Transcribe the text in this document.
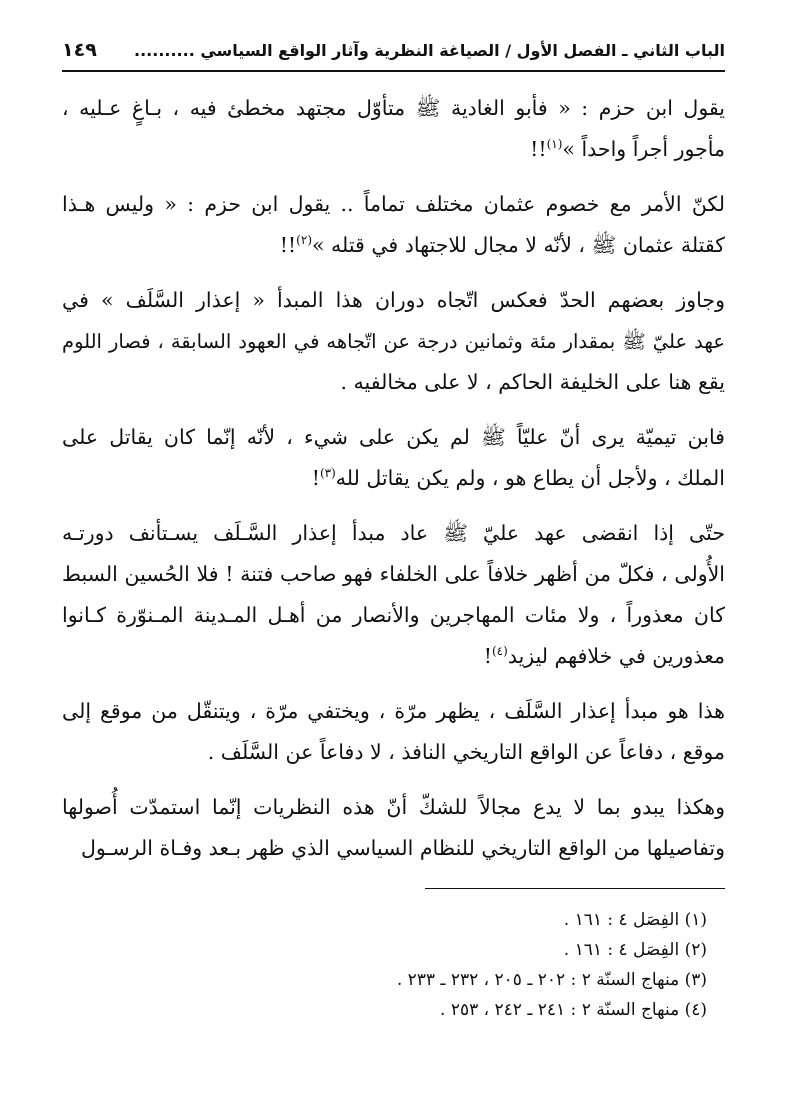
الباب الثاني ـ الفصل الأول / الصياغة النظرية وآثار الواقع السياسي ..........
١٤٩
يقول ابن حزم : « فأبو الغادية ﷺ متأوّل مجتهد مخطئ فيه ، بـاغٍ عـليه ،
مأجور أجراً واحداً »$^{(١)}$!!
لكنّ الأمر مع خصوم عثمان مختلف تماماً .. يقول ابن حزم : « وليس هـذا
كقتلة عثمان ﷺ ، لأنّه لا مجال للاجتهاد في قتله »$^{(٢)}$!!
وجاوز بعضهم الحدّ فعكس اتّجاه دوران هذا المبدأ « إعذار السَّلَف » في
عهد عليّ ﷺ بمقدار مئة وثمانين درجة عن اتّجاهه في العهود السابقة ، فصار اللوم
يقع هنا على الخليفة الحاكم ، لا على مخالفيه .
فابن تيميّة يرى أنّ عليّاً ﷺ لم يكن على شيء ، لأنّه إنّما كان يقاتل على
الملك ، ولأجل أن يطاع هو ، ولم يكن يقاتل لله$^{(٣)}$!
حتّى إذا انقضى عهد عليّ ﷺ عاد مبدأ إعذار السَّـلَف يسـتأنف دورتـه
الأُولى ، فكلّ من أظهر خلافاً على الخلفاء فهو صاحب فتنة ! فلا الحُسين السبط
كان معذوراً ، ولا مئات المهاجرين والأنصار من أهـل المـدينة المـنوّرة كـانوا
معذورين في خلافهم ليزيد$^{(٤)}$!
هذا هو مبدأ إعذار السَّلَف ، يظهر مرّة ، ويختفي مرّة ، ويتنقّل من موقع إلى
موقع ، دفاعاً عن الواقع التاريخي النافذ ، لا دفاعاً عن السَّلَف .
وهكذا يبدو بما لا يدع مجالاً للشكّ أنّ هذه النظريات إنّما استمدّت أُصولها
وتفاصيلها من الواقع التاريخي للنظام السياسي الذي ظهر بـعد وفـاة الرسـول
(١) الفِصَل ٤ : ١٦١ .
(٢) الفِصَل ٤ : ١٦١ .
(٣) منهاج السنّة ٢ : ٢٠٢ ـ ٢٠٥ ، ٢٣٢ ـ ٢٣٣ .
(٤) منهاج السنّة ٢ : ٢٤١ ـ ٢٤٢ ، ٢٥٣ .
